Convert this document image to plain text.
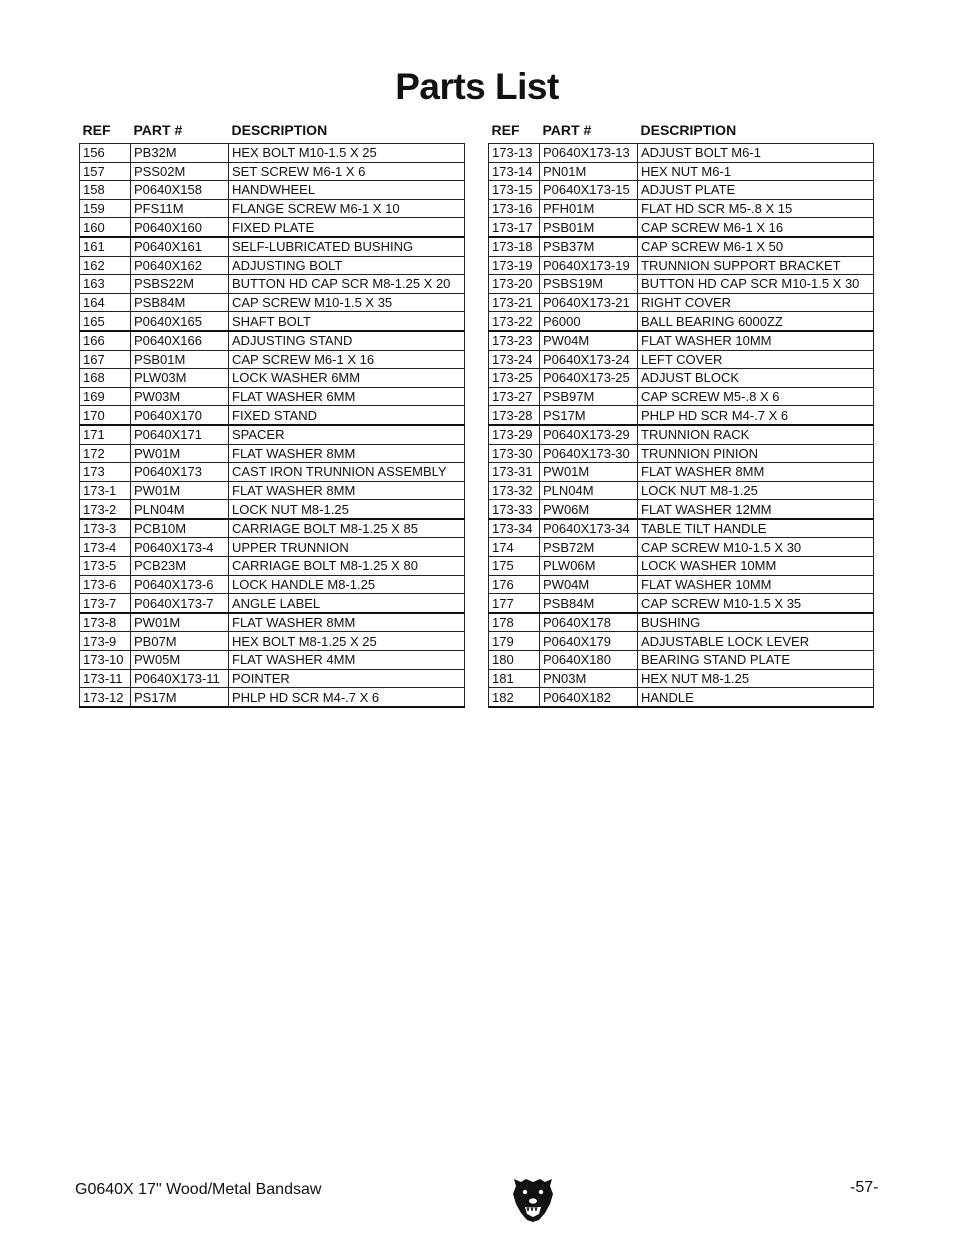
Parts List
REF	PART #	DESCRIPTION
156	PB32M	HEX BOLT M10-1.5 X 25
157	PSS02M	SET SCREW M6-1 X 6
158	P0640X158	HANDWHEEL
159	PFS11M	FLANGE SCREW M6-1 X 10
160	P0640X160	FIXED PLATE
161	P0640X161	SELF-LUBRICATED BUSHING
162	P0640X162	ADJUSTING BOLT
163	PSBS22M	BUTTON HD CAP SCR M8-1.25 X 20
164	PSB84M	CAP SCREW M10-1.5 X 35
165	P0640X165	SHAFT BOLT
166	P0640X166	ADJUSTING STAND
167	PSB01M	CAP SCREW M6-1 X 16
168	PLW03M	LOCK WASHER 6MM
169	PW03M	FLAT WASHER 6MM
170	P0640X170	FIXED STAND
171	P0640X171	SPACER
172	PW01M	FLAT WASHER 8MM
173	P0640X173	CAST IRON TRUNNION ASSEMBLY
173-1	PW01M	FLAT WASHER 8MM
173-2	PLN04M	LOCK NUT M8-1.25
173-3	PCB10M	CARRIAGE BOLT M8-1.25 X 85
173-4	P0640X173-4	UPPER TRUNNION
173-5	PCB23M	CARRIAGE BOLT M8-1.25 X 80
173-6	P0640X173-6	LOCK HANDLE M8-1.25
173-7	P0640X173-7	ANGLE LABEL
173-8	PW01M	FLAT WASHER 8MM
173-9	PB07M	HEX BOLT M8-1.25 X 25
173-10	PW05M	FLAT WASHER 4MM
173-11	P0640X173-11	POINTER
173-12	PS17M	PHLP HD SCR M4-.7 X 6
REF	PART #	DESCRIPTION
173-13	P0640X173-13	ADJUST BOLT M6-1
173-14	PN01M	HEX NUT M6-1
173-15	P0640X173-15	ADJUST PLATE
173-16	PFH01M	FLAT HD SCR M5-.8 X 15
173-17	PSB01M	CAP SCREW M6-1 X 16
173-18	PSB37M	CAP SCREW M6-1 X 50
173-19	P0640X173-19	TRUNNION SUPPORT BRACKET
173-20	PSBS19M	BUTTON HD CAP SCR M10-1.5 X 30
173-21	P0640X173-21	RIGHT COVER
173-22	P6000	BALL BEARING 6000ZZ
173-23	PW04M	FLAT WASHER 10MM
173-24	P0640X173-24	LEFT COVER
173-25	P0640X173-25	ADJUST BLOCK
173-27	PSB97M	CAP SCREW M5-.8 X 6
173-28	PS17M	PHLP HD SCR M4-.7 X 6
173-29	P0640X173-29	TRUNNION RACK
173-30	P0640X173-30	TRUNNION PINION
173-31	PW01M	FLAT WASHER 8MM
173-32	PLN04M	LOCK NUT M8-1.25
173-33	PW06M	FLAT WASHER 12MM
173-34	P0640X173-34	TABLE TILT HANDLE
174	PSB72M	CAP SCREW M10-1.5 X 30
175	PLW06M	LOCK WASHER 10MM
176	PW04M	FLAT WASHER 10MM
177	PSB84M	CAP SCREW M10-1.5 X 35
178	P0640X178	BUSHING
179	P0640X179	ADJUSTABLE LOCK LEVER
180	P0640X180	BEARING STAND PLATE
181	PN03M	HEX NUT M8-1.25
182	P0640X182	HANDLE
G0640X 17" Wood/Metal Bandsaw	-57-
